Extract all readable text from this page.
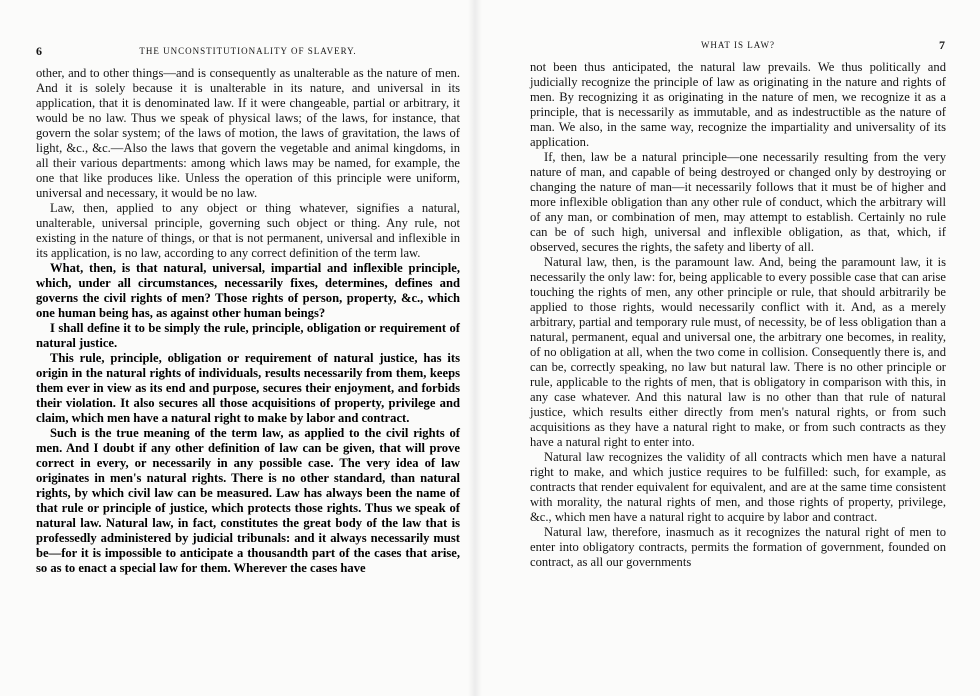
6	THE UNCONSTITUTIONALITY OF SLAVERY.

other, and to other things—and is consequently as unalterable as the nature of men. And it is solely because it is unalterable in its nature, and universal in its application, that it is denominated law. If it were changeable, partial or arbitrary, it would be no law. Thus we speak of physical laws; of the laws, for instance, that govern the solar system; of the laws of motion, the laws of gravitation, the laws of light, &c., &c.—Also the laws that govern the vegetable and animal kingdoms, in all their various departments: among which laws may be named, for example, the one that like produces like. Unless the operation of this principle were uniform, universal and necessary, it would be no law.

Law, then, applied to any object or thing whatever, signifies a natural, unalterable, universal principle, governing such object or thing. Any rule, not existing in the nature of things, or that is not permanent, universal and inflexible in its application, is no law, according to any correct definition of the term law.

What, then, is that natural, universal, impartial and inflexible principle, which, under all circumstances, necessarily fixes, determines, defines and governs the civil rights of men? Those rights of person, property, &c., which one human being has, as against other human beings?

I shall define it to be simply the rule, principle, obligation or requirement of natural justice.

This rule, principle, obligation or requirement of natural justice, has its origin in the natural rights of individuals, results necessarily from them, keeps them ever in view as its end and purpose, secures their enjoyment, and forbids their violation. It also secures all those acquisitions of property, privilege and claim, which men have a natural right to make by labor and contract.

Such is the true meaning of the term law, as applied to the civil rights of men. And I doubt if any other definition of law can be given, that will prove correct in every, or necessarily in any possible case. The very idea of law originates in men's natural rights. There is no other standard, than natural rights, by which civil law can be measured. Law has always been the name of that rule or principle of justice, which protects those rights. Thus we speak of natural law. Natural law, in fact, constitutes the great body of the law that is professedly administered by judicial tribunals: and it always necessarily must be—for it is impossible to anticipate a thousandth part of the cases that arise, so as to enact a special law for them. Wherever the cases have

WHAT IS LAW?	7

not been thus anticipated, the natural law prevails. We thus politically and judicially recognize the principle of law as originating in the nature and rights of men. By recognizing it as originating in the nature of men, we recognize it as a principle, that is necessarily as immutable, and as indestructible as the nature of man. We also, in the same way, recognize the impartiality and universality of its application.

If, then, law be a natural principle—one necessarily resulting from the very nature of man, and capable of being destroyed or changed only by destroying or changing the nature of man—it necessarily follows that it must be of higher and more inflexible obligation than any other rule of conduct, which the arbitrary will of any man, or combination of men, may attempt to establish. Certainly no rule can be of such high, universal and inflexible obligation, as that, which, if observed, secures the rights, the safety and liberty of all.

Natural law, then, is the paramount law. And, being the paramount law, it is necessarily the only law: for, being applicable to every possible case that can arise touching the rights of men, any other principle or rule, that should arbitrarily be applied to those rights, would necessarily conflict with it. And, as a merely arbitrary, partial and temporary rule must, of necessity, be of less obligation than a natural, permanent, equal and universal one, the arbitrary one becomes, in reality, of no obligation at all, when the two come in collision. Consequently there is, and can be, correctly speaking, no law but natural law. There is no other principle or rule, applicable to the rights of men, that is obligatory in comparison with this, in any case whatever. And this natural law is no other than that rule of natural justice, which results either directly from men's natural rights, or from such acquisitions as they have a natural right to make, or from such contracts as they have a natural right to enter into.

Natural law recognizes the validity of all contracts which men have a natural right to make, and which justice requires to be fulfilled: such, for example, as contracts that render equivalent for equivalent, and are at the same time consistent with morality, the natural rights of men, and those rights of property, privilege, &c., which men have a natural right to acquire by labor and contract.

Natural law, therefore, inasmuch as it recognizes the natural right of men to enter into obligatory contracts, permits the formation of government, founded on contract, as all our governments
